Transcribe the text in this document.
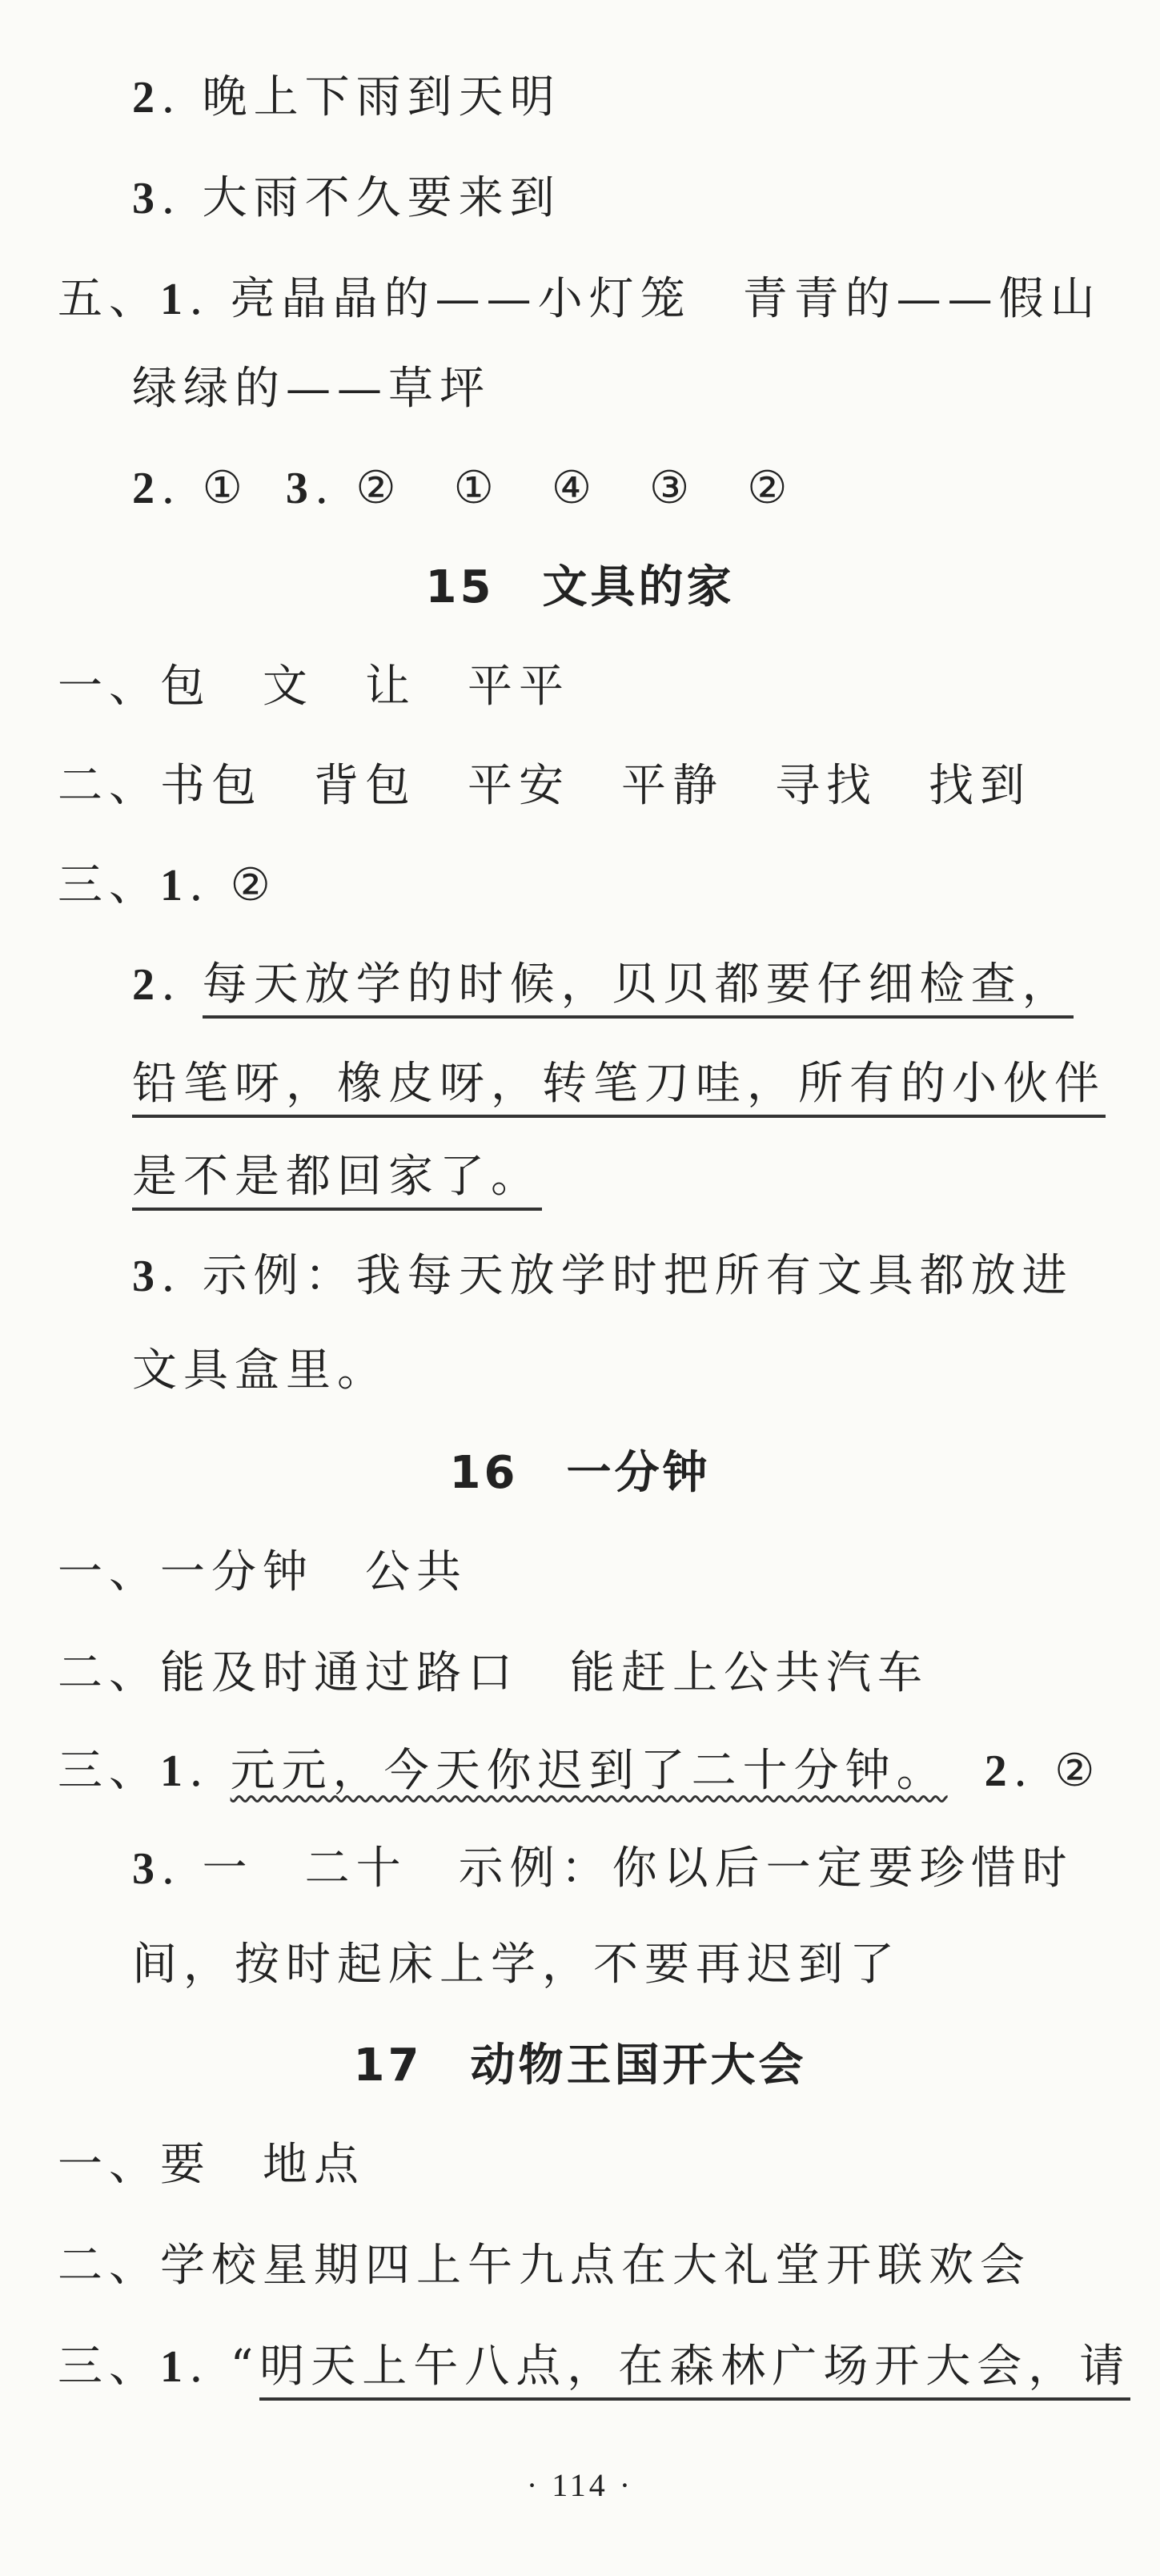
2. 晚上下雨到天明
3. 大雨不久要来到
五、1. 亮晶晶的——小灯笼　青青的——假山
绿绿的——草坪
2. ① 3. ②　①　④　③　②
15　文具的家
一、包　文　让　平平
二、书包　背包　平安　平静　寻找　找到
三、1. ②
2. 每天放学的时候，贝贝都要仔细检查，
铅笔呀，橡皮呀，转笔刀哇，所有的小伙伴
是不是都回家了。
3. 示例：我每天放学时把所有文具都放进
文具盒里。
16　一分钟
一、一分钟　公共
二、能及时通过路口　能赶上公共汽车
三、1. 元元，今天你迟到了二十分钟。 2. ②
3. 一　二十　示例：你以后一定要珍惜时
间，按时起床上学，不要再迟到了
17　动物王国开大会
一、要　地点
二、学校星期四上午九点在大礼堂开联欢会
三、1. “明天上午八点，在森林广场开大会，请
· 114 ·
